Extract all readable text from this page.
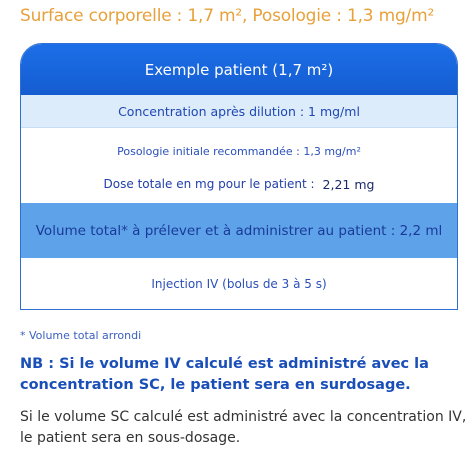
Surface corporelle : 1,7 m², Posologie : 1,3 mg/m²
Exemple patient (1,7 m²)
Concentration après dilution : 1 mg/ml
Posologie initiale recommandée : 1,3 mg/m²
Dose totale en mg pour le patient : 2,21 mg
Volume total* à prélever et à administrer au patient : 2,2 ml
Injection IV (bolus de 3 à 5 s)
* Volume total arrondi
NB : Si le volume IV calculé est administré avec la concentration SC, le patient sera en surdosage.
Si le volume SC calculé est administré avec la concentration IV, le patient sera en sous-dosage.
